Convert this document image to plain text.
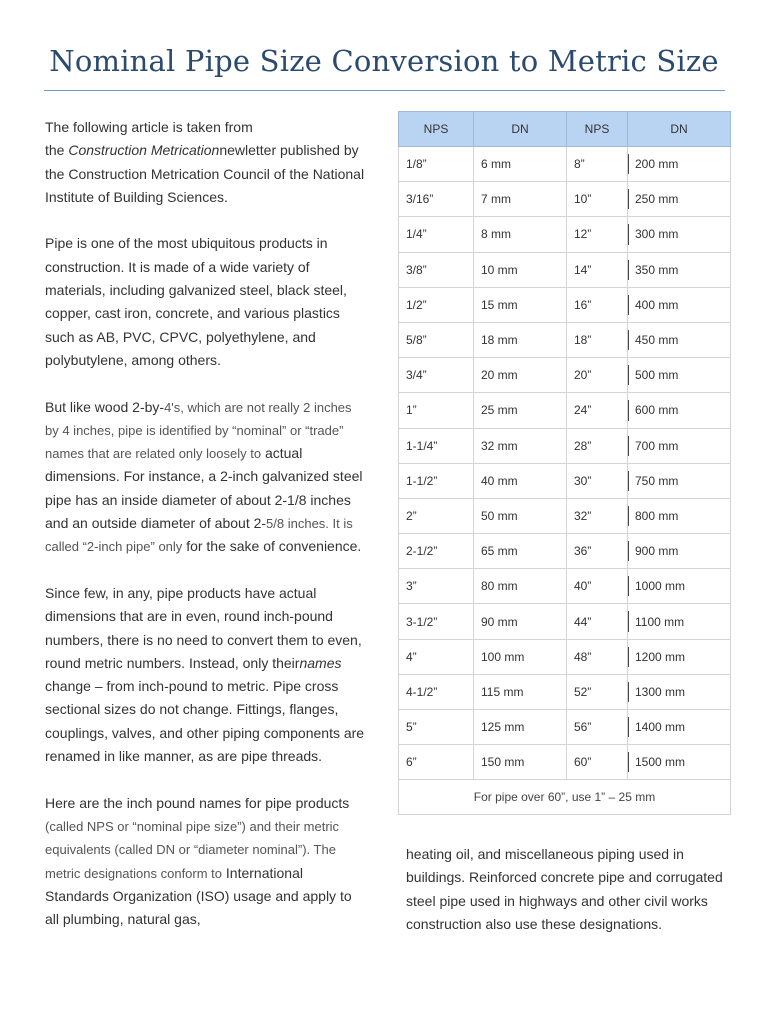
Nominal Pipe Size Conversion to Metric Size

The following article is taken from
the Construction Metricationnewletter published by the Construction Metrication Council of the National Institute of Building Sciences.

Pipe is one of the most ubiquitous products in construction. It is made of a wide variety of materials, including galvanized steel, black steel, copper, cast iron, concrete, and various plastics such as AB, PVC, CPVC, polyethylene, and polybutylene, among others.

But like wood 2-by-4's, which are not really 2 inches by 4 inches, pipe is identified by “nominal” or “trade” names that are related only loosely to actual dimensions. For instance, a 2-inch galvanized steel pipe has an inside diameter of about 2-1/8 inches and an outside diameter of about 2-5/8 inches. It is called “2-inch pipe” only for the sake of convenience.

Since few, in any, pipe products have actual dimensions that are in even, round inch-pound numbers, there is no need to convert them to even, round metric numbers. Instead, only theirnames change – from inch-pound to metric. Pipe cross sectional sizes do not change. Fittings, flanges, couplings, valves, and other piping components are renamed in like manner, as are pipe threads.

Here are the inch pound names for pipe products (called NPS or “nominal pipe size”) and their metric equivalents (called DN or “diameter nominal”). The metric designations conform to International Standards Organization (ISO) usage and apply to all plumbing, natural gas,

NPS	DN	NPS	DN
1/8”	6 mm	8”	200 mm
3/16”	7 mm	10”	250 mm
1/4”	8 mm	12”	300 mm
3/8”	10 mm	14”	350 mm
1/2”	15 mm	16”	400 mm
5/8”	18 mm	18”	450 mm
3/4”	20 mm	20”	500 mm
1”	25 mm	24”	600 mm
1-1/4”	32 mm	28”	700 mm
1-1/2”	40 mm	30”	750 mm
2”	50 mm	32”	800 mm
2-1/2”	65 mm	36”	900 mm
3”	80 mm	40”	1000 mm
3-1/2”	90 mm	44”	1100 mm
4”	100 mm	48”	1200 mm
4-1/2”	115 mm	52”	1300 mm
5”	125 mm	56”	1400 mm
6”	150 mm	60”	1500 mm
For pipe over 60”, use 1” – 25 mm			

heating oil, and miscellaneous piping used in buildings. Reinforced concrete pipe and corrugated steel pipe used in highways and other civil works construction also use these designations.
